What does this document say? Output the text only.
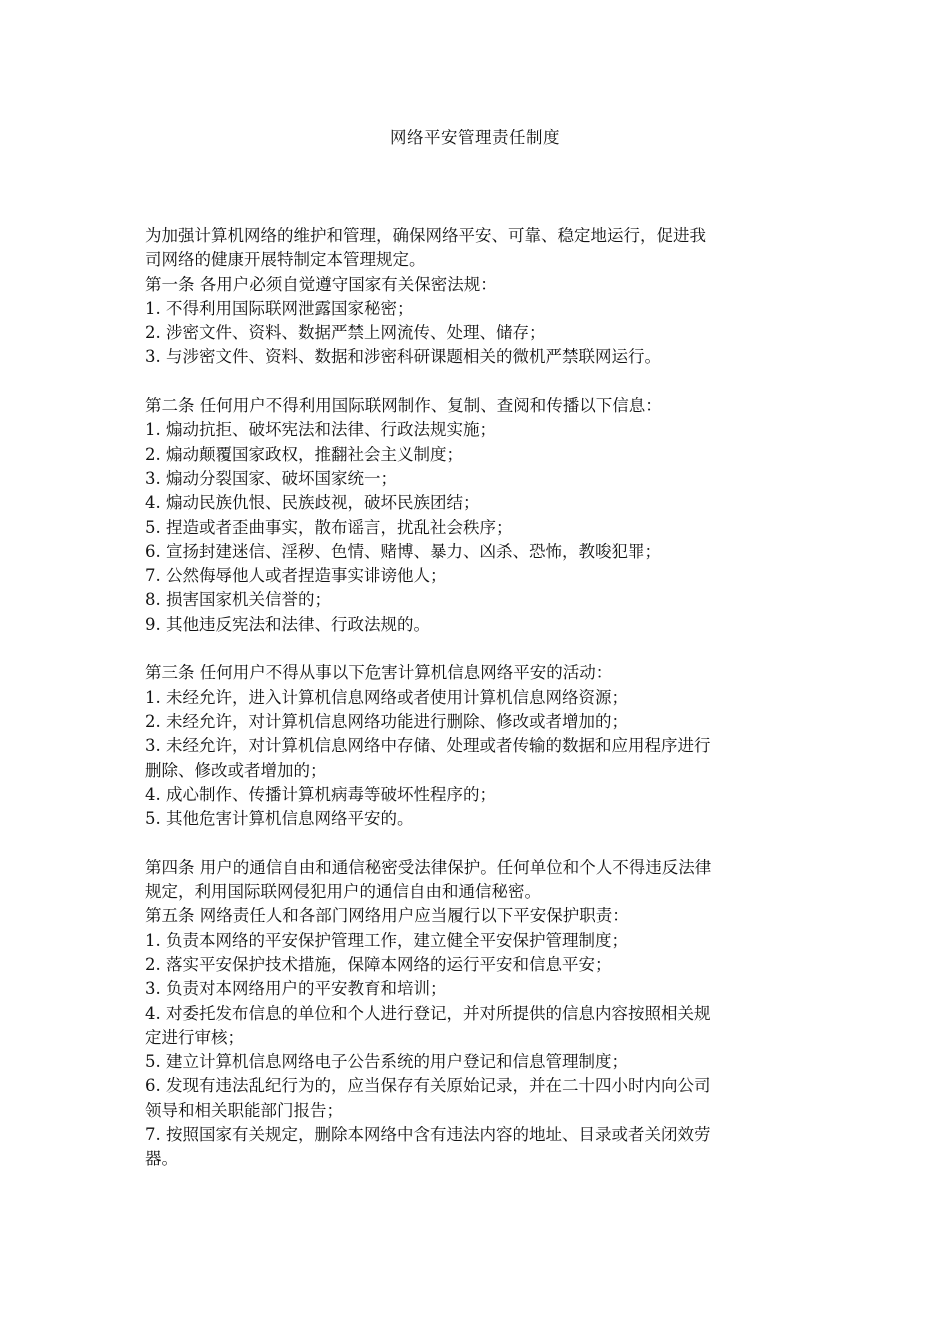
网络平安管理责任制度
为加强计算机网络的维护和管理，确保网络平安、可靠、稳定地运行，促进我
司网络的健康开展特制定本管理规定。
第一条 各用户必须自觉遵守国家有关保密法规：
1. 不得利用国际联网泄露国家秘密；
2. 涉密文件、资料、数据严禁上网流传、处理、储存；
3. 与涉密文件、资料、数据和涉密科研课题相关的微机严禁联网运行。
第二条 任何用户不得利用国际联网制作、复制、查阅和传播以下信息：
1. 煽动抗拒、破坏宪法和法律、行政法规实施；
2. 煽动颠覆国家政权，推翻社会主义制度；
3. 煽动分裂国家、破坏国家统一；
4. 煽动民族仇恨、民族歧视，破坏民族团结；
5. 捏造或者歪曲事实，散布谣言，扰乱社会秩序；
6. 宣扬封建迷信、淫秽、色情、赌博、暴力、凶杀、恐怖，教唆犯罪；
7. 公然侮辱他人或者捏造事实诽谤他人；
8. 损害国家机关信誉的；
9. 其他违反宪法和法律、行政法规的。
第三条 任何用户不得从事以下危害计算机信息网络平安的活动：
1. 未经允许，进入计算机信息网络或者使用计算机信息网络资源；
2. 未经允许，对计算机信息网络功能进行删除、修改或者增加的；
3. 未经允许，对计算机信息网络中存储、处理或者传输的数据和应用程序进行
删除、修改或者增加的；
4. 成心制作、传播计算机病毒等破坏性程序的；
5. 其他危害计算机信息网络平安的。
第四条 用户的通信自由和通信秘密受法律保护。任何单位和个人不得违反法律
规定，利用国际联网侵犯用户的通信自由和通信秘密。
第五条 网络责任人和各部门网络用户应当履行以下平安保护职责：
1. 负责本网络的平安保护管理工作，建立健全平安保护管理制度；
2. 落实平安保护技术措施，保障本网络的运行平安和信息平安；
3. 负责对本网络用户的平安教育和培训；
4. 对委托发布信息的单位和个人进行登记，并对所提供的信息内容按照相关规
定进行审核；
5. 建立计算机信息网络电子公告系统的用户登记和信息管理制度；
6. 发现有违法乱纪行为的，应当保存有关原始记录，并在二十四小时内向公司
领导和相关职能部门报告；
7. 按照国家有关规定，删除本网络中含有违法内容的地址、目录或者关闭效劳
器。
